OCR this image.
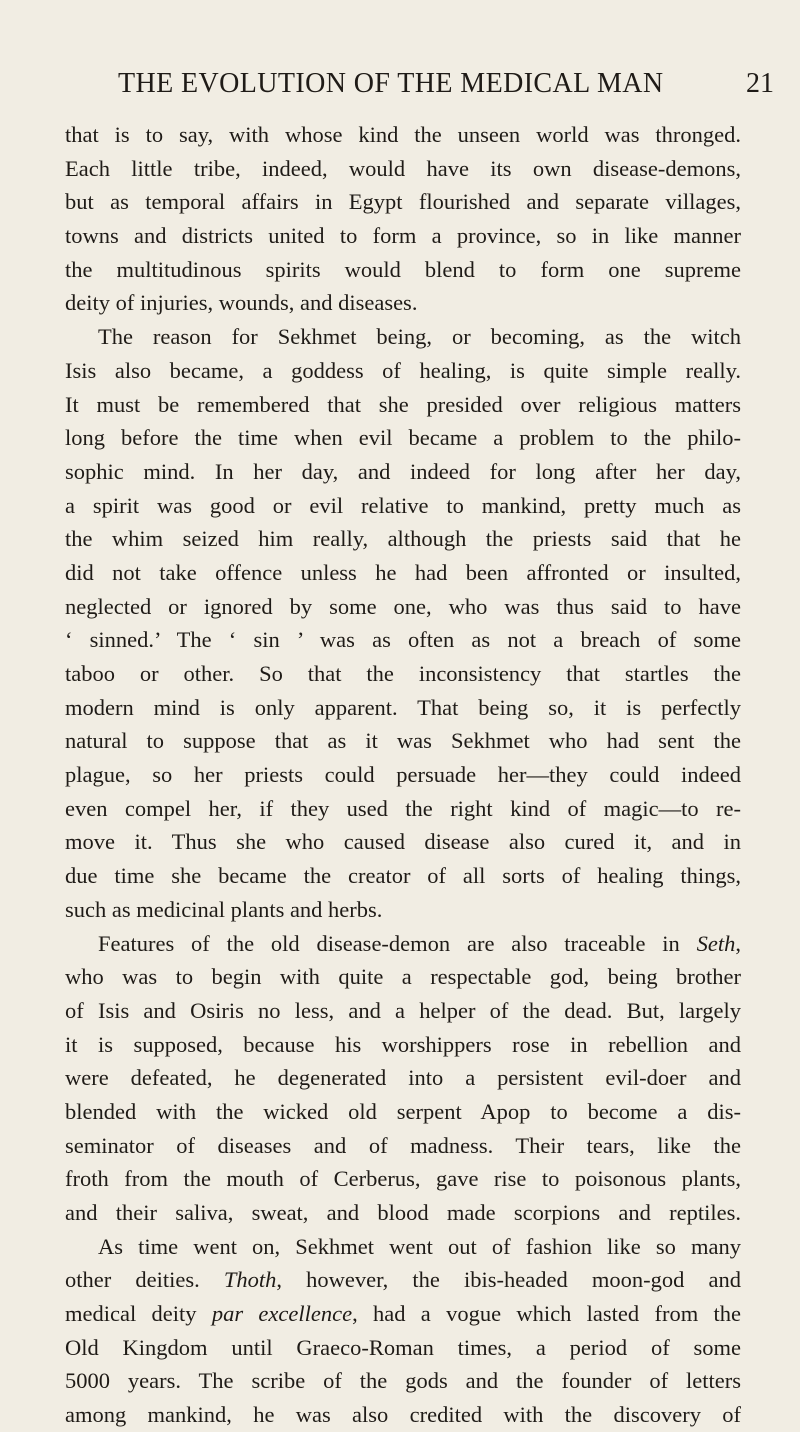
THE EVOLUTION OF THE MEDICAL MAN	21
that is to say, with whose kind the unseen world was thronged.
Each little tribe, indeed, would have its own disease-demons,
but as temporal affairs in Egypt flourished and separate villages,
towns and districts united to form a province, so in like manner
the multitudinous spirits would blend to form one supreme
deity of injuries, wounds, and diseases.
The reason for Sekhmet being, or becoming, as the witch
Isis also became, a goddess of healing, is quite simple really.
It must be remembered that she presided over religious matters
long before the time when evil became a problem to the philo-
sophic mind. In her day, and indeed for long after her day,
a spirit was good or evil relative to mankind, pretty much as
the whim seized him really, although the priests said that he
did not take offence unless he had been affronted or insulted,
neglected or ignored by some one, who was thus said to have
‘ sinned.’ The ‘ sin ’ was as often as not a breach of some
taboo or other. So that the inconsistency that startles the
modern mind is only apparent. That being so, it is perfectly
natural to suppose that as it was Sekhmet who had sent the
plague, so her priests could persuade her—they could indeed
even compel her, if they used the right kind of magic—to re-
move it. Thus she who caused disease also cured it, and in
due time she became the creator of all sorts of healing things,
such as medicinal plants and herbs.
Features of the old disease-demon are also traceable in Seth,
who was to begin with quite a respectable god, being brother
of Isis and Osiris no less, and a helper of the dead. But, largely
it is supposed, because his worshippers rose in rebellion and
were defeated, he degenerated into a persistent evil-doer and
blended with the wicked old serpent Apop to become a dis-
seminator of diseases and of madness. Their tears, like the
froth from the mouth of Cerberus, gave rise to poisonous plants,
and their saliva, sweat, and blood made scorpions and reptiles.
As time went on, Sekhmet went out of fashion like so many
other deities. Thoth, however, the ibis-headed moon-god and
medical deity par excellence, had a vogue which lasted from the
Old Kingdom until Graeco-Roman times, a period of some
5000 years. The scribe of the gods and the founder of letters
among mankind, he was also credited with the discovery of
